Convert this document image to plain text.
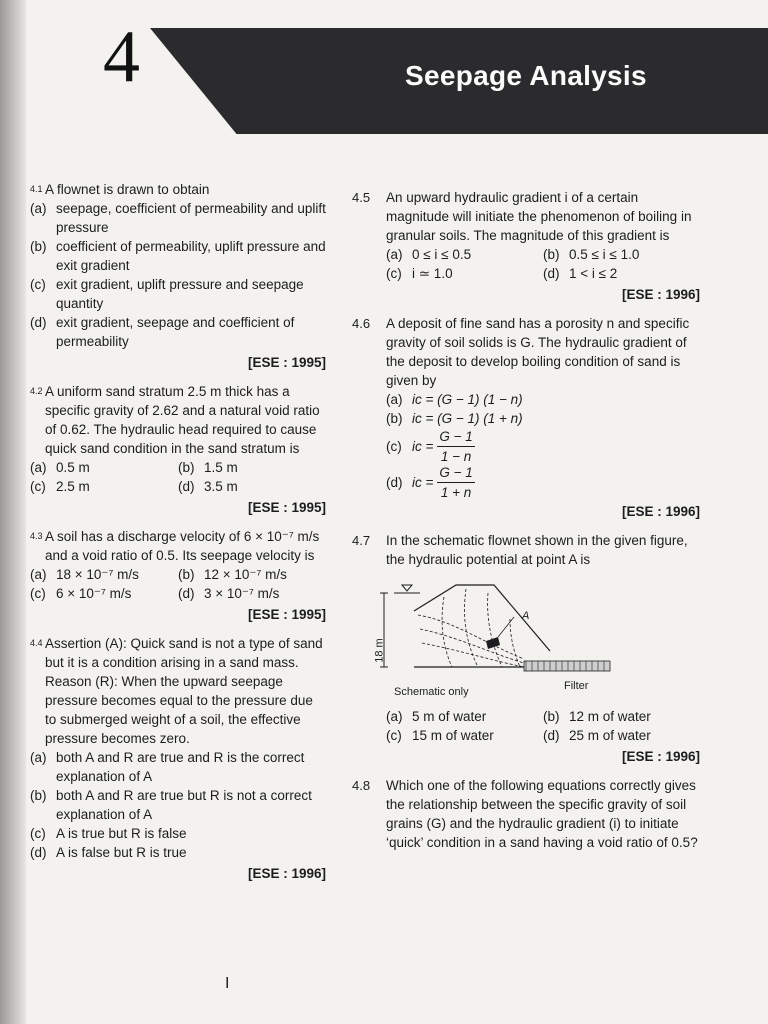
4	Seepage Analysis
4.1 A flownet is drawn to obtain
(a) seepage, coefficient of permeability and uplift pressure
(b) coefficient of permeability, uplift pressure and exit gradient
(c) exit gradient, uplift pressure and seepage quantity
(d) exit gradient, seepage and coefficient of permeability
[ESE : 1995]
4.2 A uniform sand stratum 2.5 m thick has a specific gravity of 2.62 and a natural void ratio of 0.62. The hydraulic head required to cause quick sand condition in the sand stratum is
(a) 0.5 m	(b) 1.5 m
(c) 2.5 m	(d) 3.5 m
[ESE : 1995]
4.3 A soil has a discharge velocity of 6 × 10⁻⁷ m/s and a void ratio of 0.5. Its seepage velocity is
(a) 18 × 10⁻⁷ m/s	(b) 12 × 10⁻⁷ m/s
(c) 6 × 10⁻⁷ m/s	(d) 3 × 10⁻⁷ m/s
[ESE : 1995]
4.4 Assertion (A): Quick sand is not a type of sand but it is a condition arising in a sand mass.
Reason (R): When the upward seepage pressure becomes equal to the pressure due to submerged weight of a soil, the effective pressure becomes zero.
(a) both A and R are true and R is the correct explanation of A
(b) both A and R are true but R is not a correct explanation of A
(c) A is true but R is false
(d) A is false but R is true
[ESE : 1996]
4.5	An upward hydraulic gradient i of a certain magnitude will initiate the phenomenon of boiling in granular soils. The magnitude of this gradient is
(a) 0 ≤ i ≤ 0.5	(b) 0.5 ≤ i ≤ 1.0
(c) i ≃ 1.0	(d) 1 < i ≤ 2
[ESE : 1996]
4.6	A deposit of fine sand has a porosity n and specific gravity of soil solids is G. The hydraulic gradient of the deposit to develop boiling condition of sand is given by
(a) ic = (G − 1) (1 − n)
(b) ic = (G − 1) (1 + n)
(c) ic = $\frac{G - 1}{1 - n}$
(d) ic = $\frac{G - 1}{1 + n}$
[ESE : 1996]
4.7	In the schematic flownet shown in the given figure, the hydraulic potential at point A is
18 m
A
Schematic only	Filter
(a) 5 m of water	(b) 12 m of water
(c) 15 m of water	(d) 25 m of water
[ESE : 1996]
4.8	Which one of the following equations correctly gives the relationship between the specific gravity of soil grains (G) and the hydraulic gradient (i) to initiate ‘quick’ condition in a sand having a void ratio of 0.5?
I
